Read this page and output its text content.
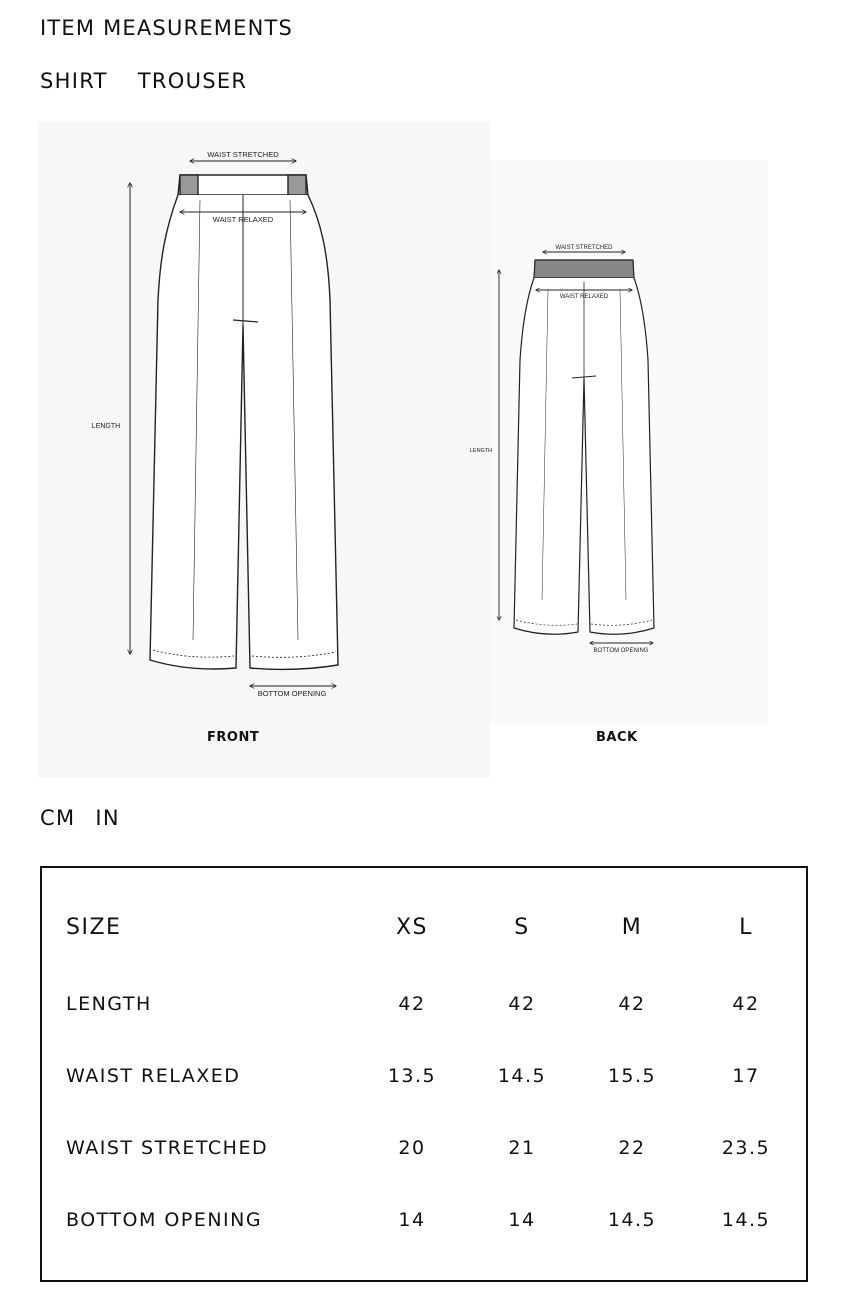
ITEM MEASUREMENTS
SHIRT TROUSER
WAIST STRETCHED
WAIST RELAXED
LENGTH
BOTTOM OPENING
WAIST STRETCHED
WAIST RELAXED
LENGTH
BOTTOM OPENING
FRONT	BACK
CM IN
SIZE	XS	S	M	L
LENGTH	42	42	42	42
WAIST RELAXED	13.5	14.5	15.5	17
WAIST STRETCHED	20	21	22	23.5
BOTTOM OPENING	14	14	14.5	14.5
